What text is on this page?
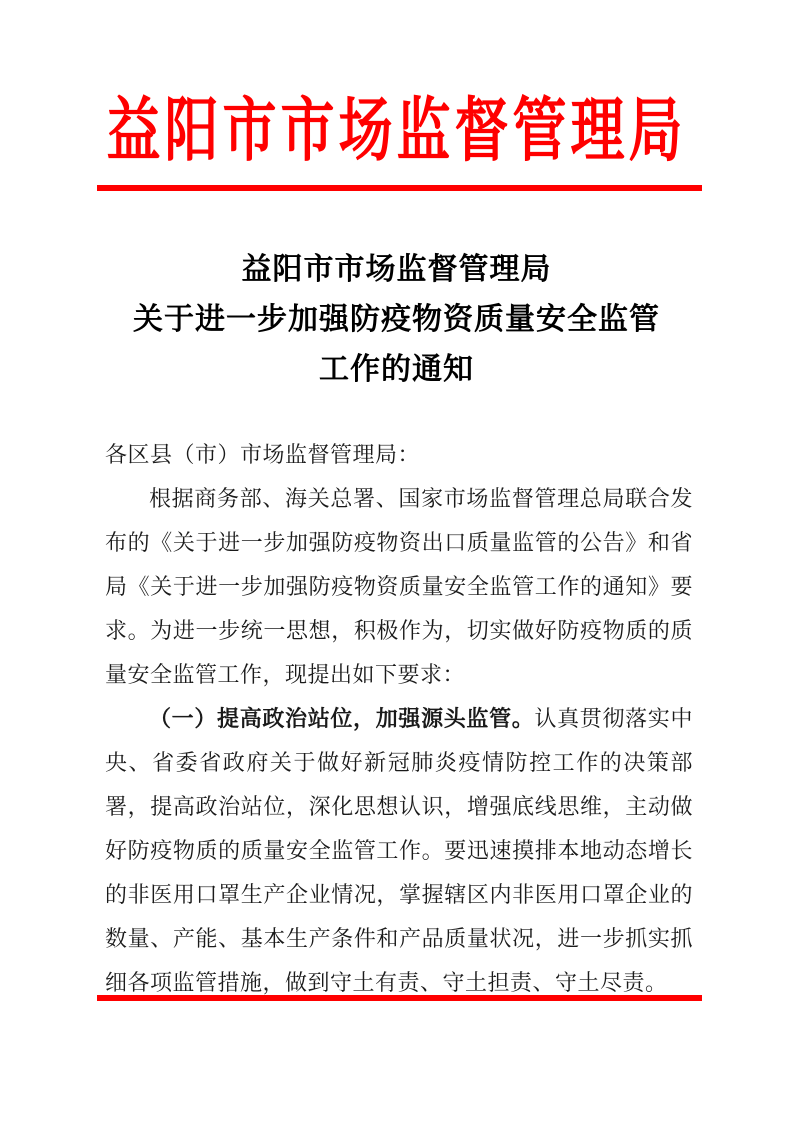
益阳市市场监督管理局
益阳市市场监督管理局
关于进一步加强防疫物资质量安全监管
工作的通知

各区县（市）市场监督管理局：

根据商务部、海关总署、国家市场监督管理总局联合发布的《关于进一步加强防疫物资出口质量监管的公告》和省局《关于进一步加强防疫物资质量安全监管工作的通知》要求。为进一步统一思想，积极作为，切实做好防疫物质的质量安全监管工作，现提出如下要求：

（一）提高政治站位，加强源头监管。认真贯彻落实中央、省委省政府关于做好新冠肺炎疫情防控工作的决策部署，提高政治站位，深化思想认识，增强底线思维，主动做好防疫物质的质量安全监管工作。要迅速摸排本地动态增长的非医用口罩生产企业情况，掌握辖区内非医用口罩企业的数量、产能、基本生产条件和产品质量状况，进一步抓实抓细各项监管措施，做到守土有责、守土担责、守土尽责。
